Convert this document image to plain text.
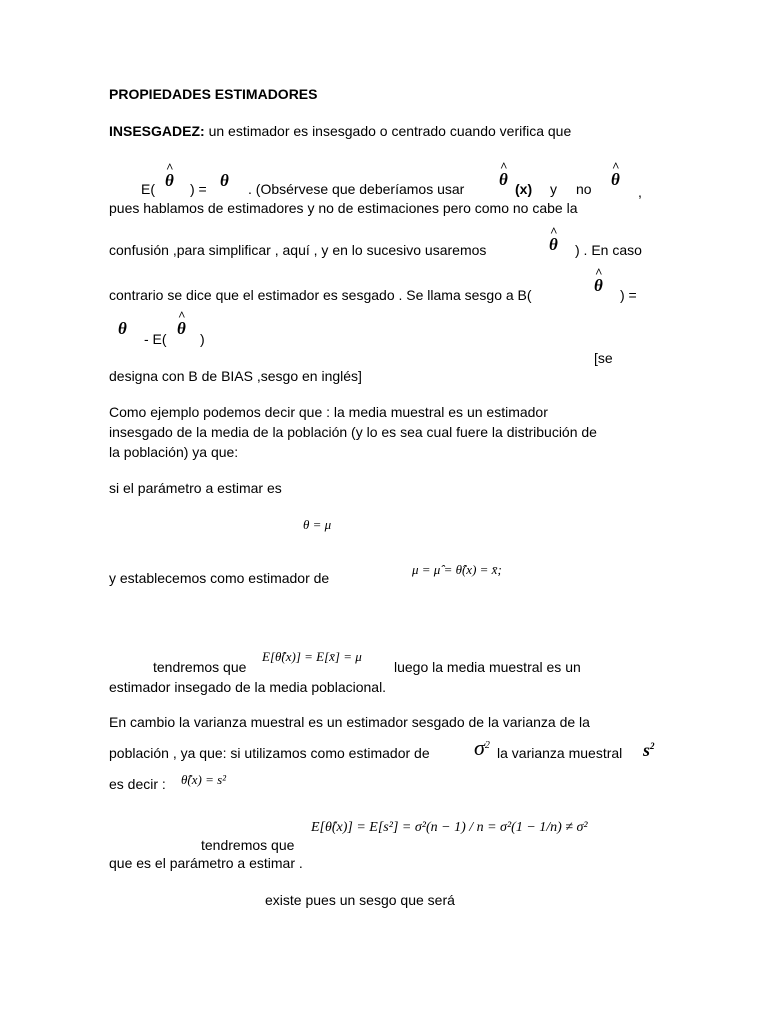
PROPIEDADES ESTIMADORES
INSESGADEZ: un estimador es insesgado o centrado cuando verifica que
E(
^
θ ) = θ . (Obsérvese que deberíamos usar
^
θ (x) y no
^
θ
,
pues hablamos de estimadores y no de estimaciones pero como no cabe la
confusión ,para simplificar , aquí , y en lo sucesivo usaremos
^
θ ) . En caso
contrario se dice que el estimador es sesgado . Se llama sesgo a B(
^
θ ) =
θ
- E(
^
θ
)
[se
designa con B de BIAS ,sesgo en inglés]
Como ejemplo podemos decir que : la media muestral es un estimador
insesgado de la media de la población (y lo es sea cual fuere la distribución de
la población) ya que:
si el parámetro a estimar es
θ = μ
y establecemos como estimador de
μ = μ̂ = θ̂(x) = x̄;
tendremos que
E[θ̂(x)] = E[x̄] = μ
luego la media muestral es un
estimador insegado de la media poblacional.
En cambio la varianza muestral es un estimador sesgado de la varianza de la
población , ya que: si utilizamos como estimador de $\sigma^2$ la varianza muestral $s^2$
es decir : θ̂(x) = s²
tendremos que
E[θ̂(x)] = E[s²] = σ²(n − 1) / n = σ²(1 − 1/n) ≠ σ²
que es el parámetro a estimar .
existe pues un sesgo que será
